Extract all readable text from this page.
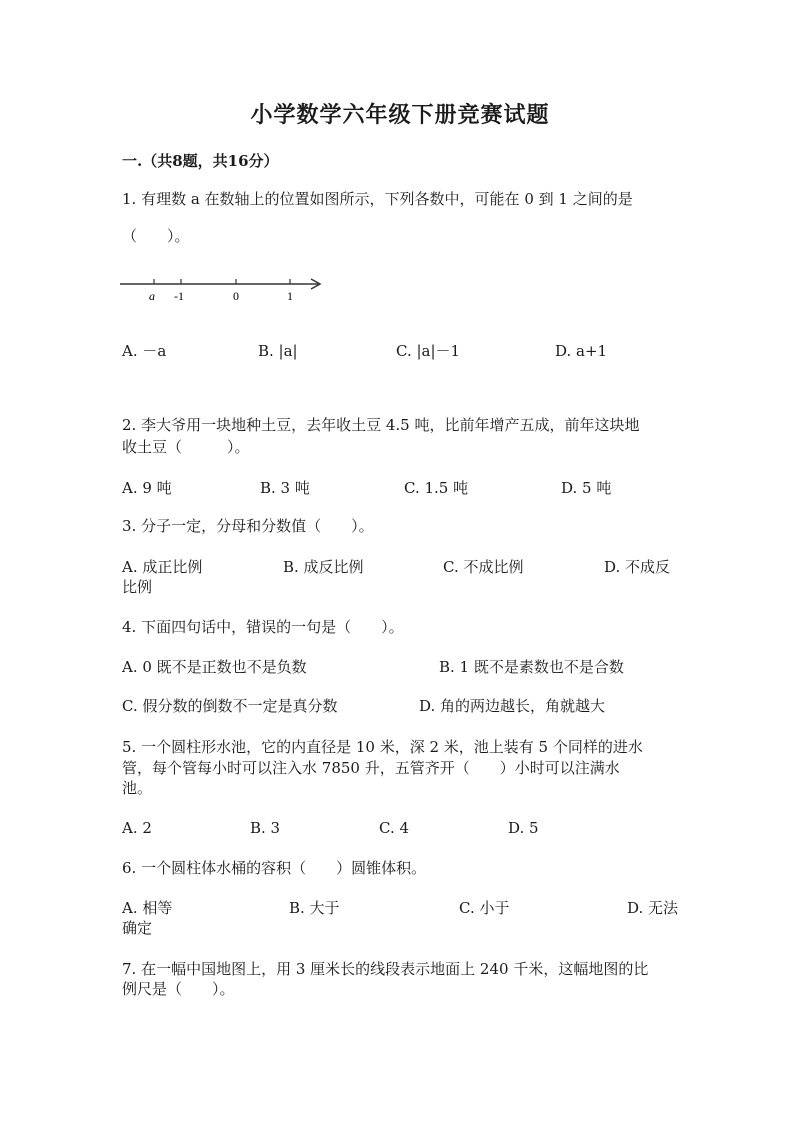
小学数学六年级下册竞赛试题
一.（共8题，共16分）
1. 有理数 a 在数轴上的位置如图所示，下列各数中，可能在 0 到 1 之间的是
（　　）。
a -1	0	1
A. －a	B. |a|	C. |a|－1	D. a+1
2. 李大爷用一块地种土豆，去年收土豆 4.5 吨，比前年增产五成，前年这块地
收土豆（　　　）。
A. 9 吨	B. 3 吨	C. 1.5 吨	D. 5 吨
3. 分子一定，分母和分数值（　　）。
A. 成正比例	B. 成反比例	C. 不成比例	D. 不成反
比例
4. 下面四句话中，错误的一句是（　　）。
A. 0 既不是正数也不是负数	B. 1 既不是素数也不是合数
C. 假分数的倒数不一定是真分数	D. 角的两边越长，角就越大
5. 一个圆柱形水池，它的内直径是 10 米，深 2 米，池上装有 5 个同样的进水
管，每个管每小时可以注入水 7850 升，五管齐开（　　）小时可以注满水
池。
A. 2	B. 3	C. 4	D. 5
6. 一个圆柱体水桶的容积（　　）圆锥体积。
A. 相等	B. 大于	C. 小于	D. 无法
确定
7. 在一幅中国地图上，用 3 厘米长的线段表示地面上 240 千米，这幅地图的比
例尺是（　　）。
